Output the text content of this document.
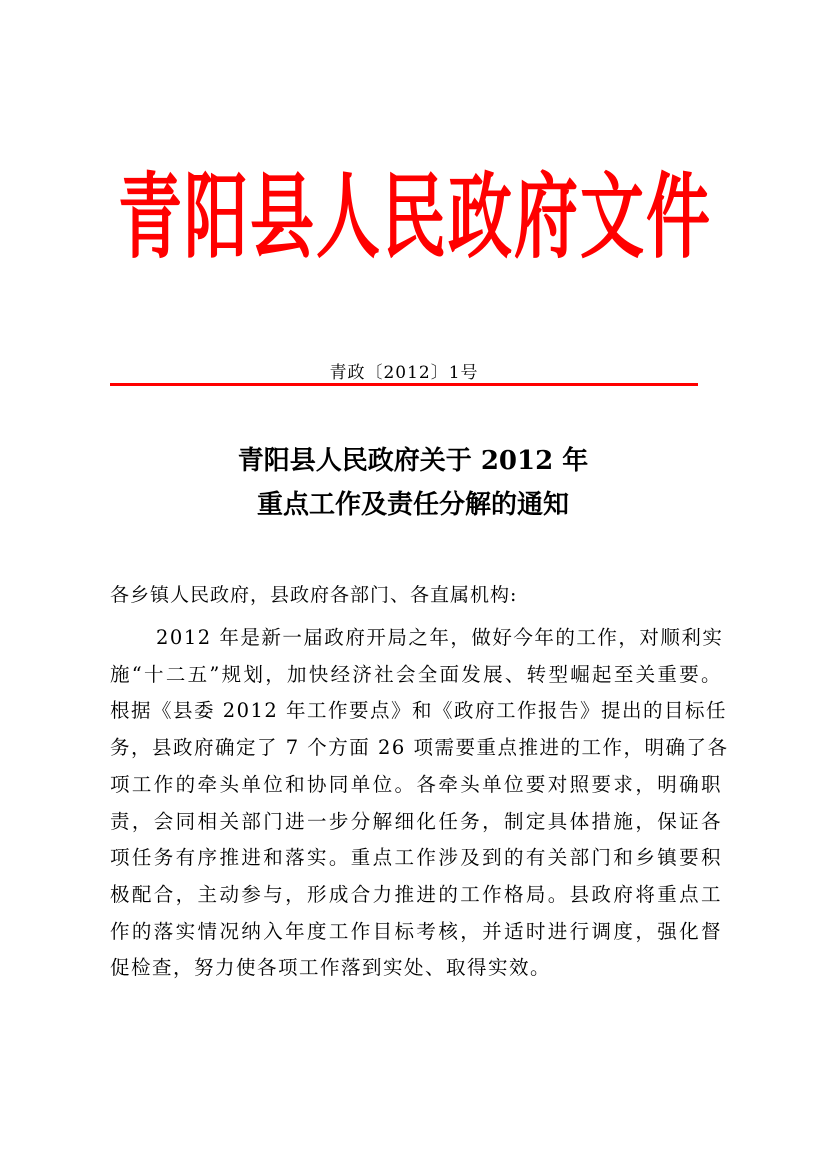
青阳县人民政府文件
青政〔2012〕1号
青阳县人民政府关于 2012 年
重点工作及责任分解的通知
各乡镇人民政府，县政府各部门、各直属机构:
2012 年是新一届政府开局之年，做好今年的工作，对顺利实
施“十二五”规划，加快经济社会全面发展、转型崛起至关重要。
根据《县委 2012 年工作要点》和《政府工作报告》提出的目标任
务，县政府确定了 7 个方面 26 项需要重点推进的工作，明确了各
项工作的牵头单位和协同单位。各牵头单位要对照要求，明确职
责，会同相关部门进一步分解细化任务，制定具体措施，保证各
项任务有序推进和落实。重点工作涉及到的有关部门和乡镇要积
极配合，主动参与，形成合力推进的工作格局。县政府将重点工
作的落实情况纳入年度工作目标考核，并适时进行调度，强化督
促检查，努力使各项工作落到实处、取得实效。
